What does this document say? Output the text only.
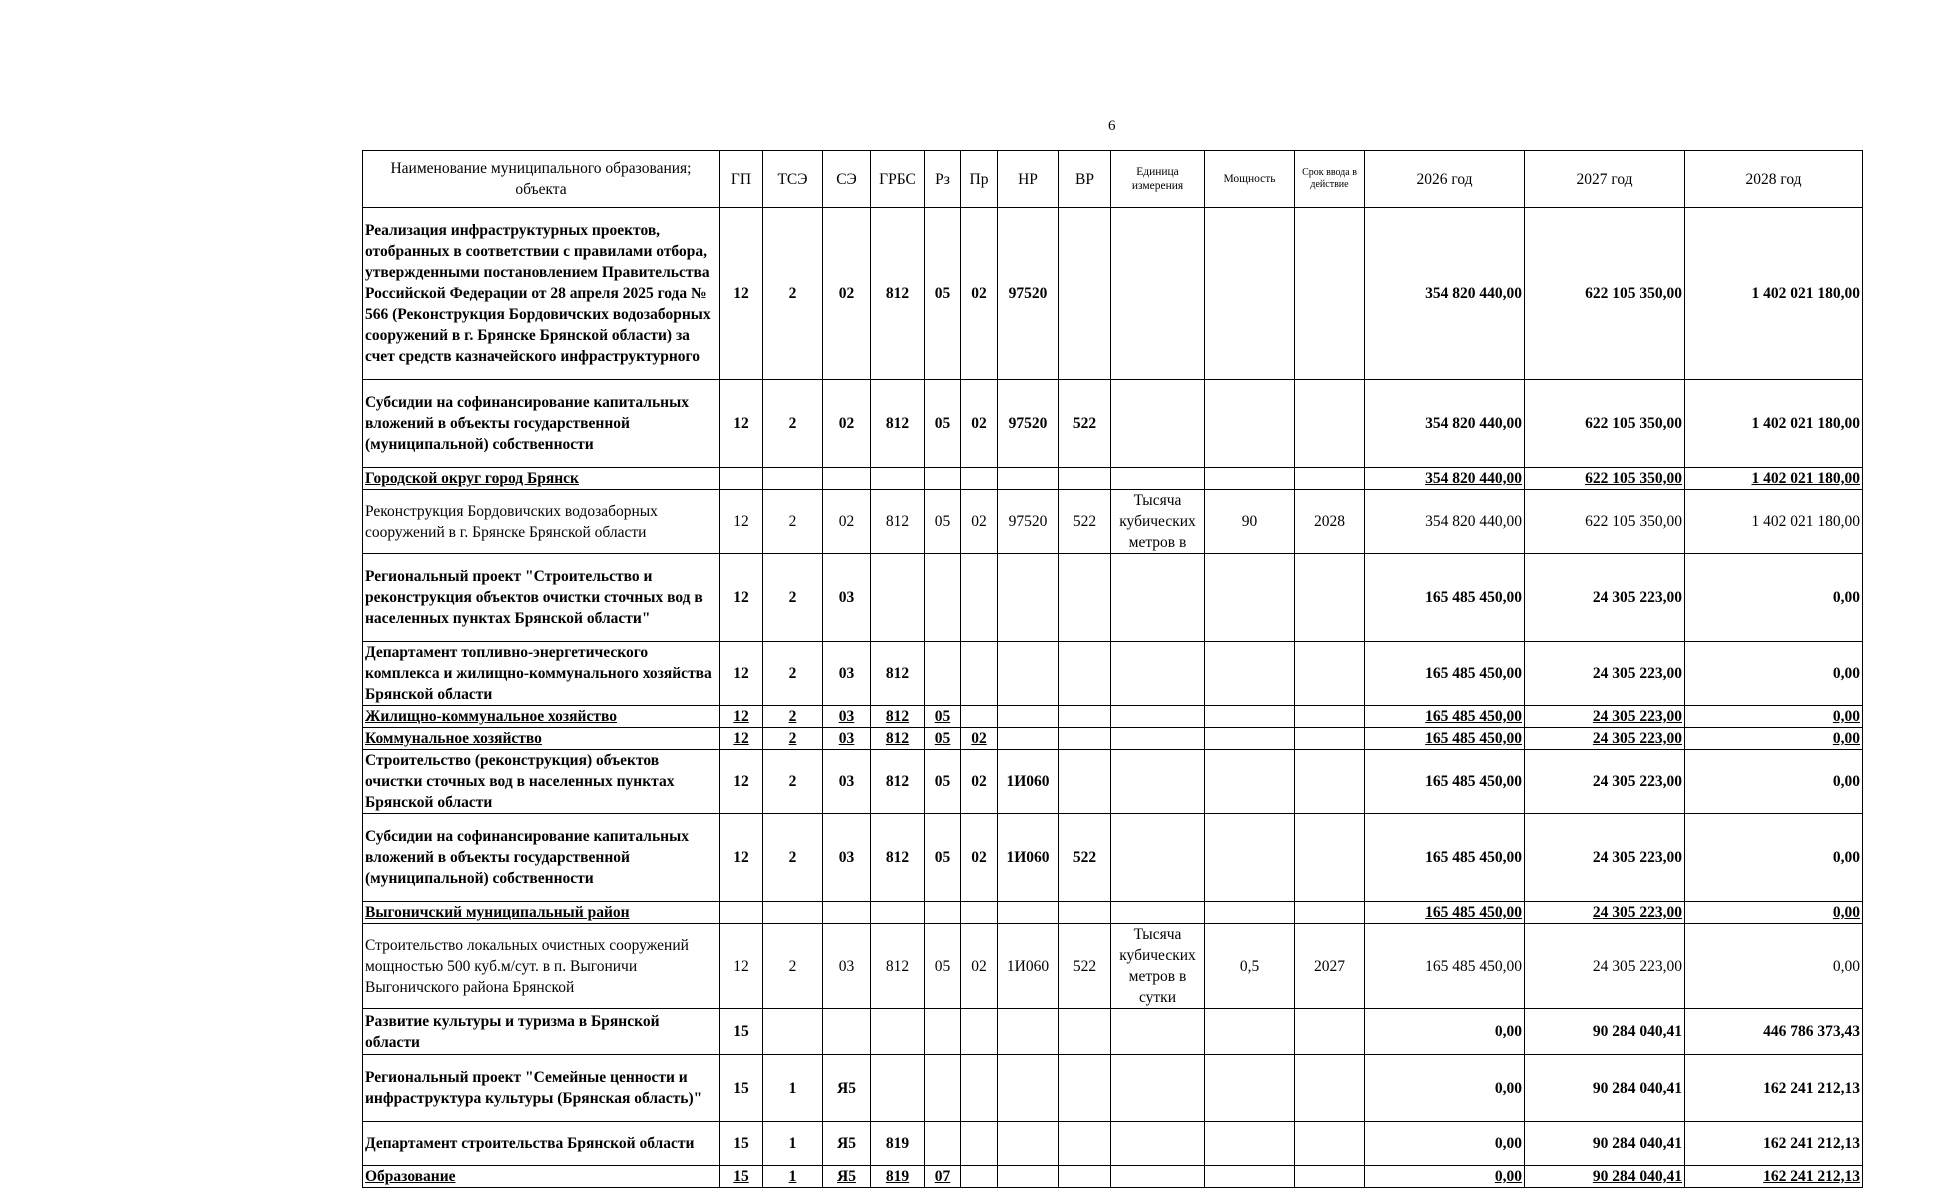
6
Наименование муниципального образования; объекта	ГП	ТСЭ	СЭ	ГРБС	Рз	Пр	НР	ВР	Единица измерения	Мощность	Срок ввода в действие	2026 год	2027 год	2028 год
Реализация инфраструктурных проектов, отобранных в соответствии с правилами отбора, утвержденными постановлением Правительства Российской Федерации от 28 апреля 2025 года № 566 (Реконструкция Бордовичских водозаборных сооружений в г. Брянске Брянской области) за счет средств казначейского инфраструктурного	12	2	02	812	05	02	97520					354 820 440,00	622 105 350,00	1 402 021 180,00
Субсидии на софинансирование капитальных вложений в объекты государственной (муниципальной) собственности	12	2	02	812	05	02	97520	522				354 820 440,00	622 105 350,00	1 402 021 180,00
Городской округ город Брянск												354 820 440,00	622 105 350,00	1 402 021 180,00
Реконструкция Бордовичских водозаборных сооружений в г. Брянске Брянской области	12	2	02	812	05	02	97520	522	Тысяча кубических метров в	90	2028	354 820 440,00	622 105 350,00	1 402 021 180,00
Региональный проект "Строительство и реконструкция объектов очистки сточных вод в населенных пунктах Брянской области"	12	2	03									165 485 450,00	24 305 223,00	0,00
Департамент топливно-энергетического комплекса и жилищно-коммунального хозяйства Брянской области	12	2	03	812								165 485 450,00	24 305 223,00	0,00
Жилищно-коммунальное хозяйство	12	2	03	812	05							165 485 450,00	24 305 223,00	0,00
Коммунальное хозяйство	12	2	03	812	05	02						165 485 450,00	24 305 223,00	0,00
Строительство (реконструкция) объектов очистки сточных вод в населенных пунктах Брянской области	12	2	03	812	05	02	1И060					165 485 450,00	24 305 223,00	0,00
Субсидии на софинансирование капитальных вложений в объекты государственной (муниципальной) собственности	12	2	03	812	05	02	1И060	522				165 485 450,00	24 305 223,00	0,00
Выгоничский муниципальный район												165 485 450,00	24 305 223,00	0,00
Строительство локальных очистных сооружений мощностью 500 куб.м/сут. в п. Выгоничи Выгоничского района Брянской	12	2	03	812	05	02	1И060	522	Тысяча кубических метров в сутки	0,5	2027	165 485 450,00	24 305 223,00	0,00
Развитие культуры и туризма в Брянской области	15											0,00	90 284 040,41	446 786 373,43
Региональный проект "Семейные ценности и инфраструктура культуры (Брянская область)"	15	1	Я5									0,00	90 284 040,41	162 241 212,13
Департамент строительства Брянской области	15	1	Я5	819								0,00	90 284 040,41	162 241 212,13
Образование	15	1	Я5	819	07							0,00	90 284 040,41	162 241 212,13
